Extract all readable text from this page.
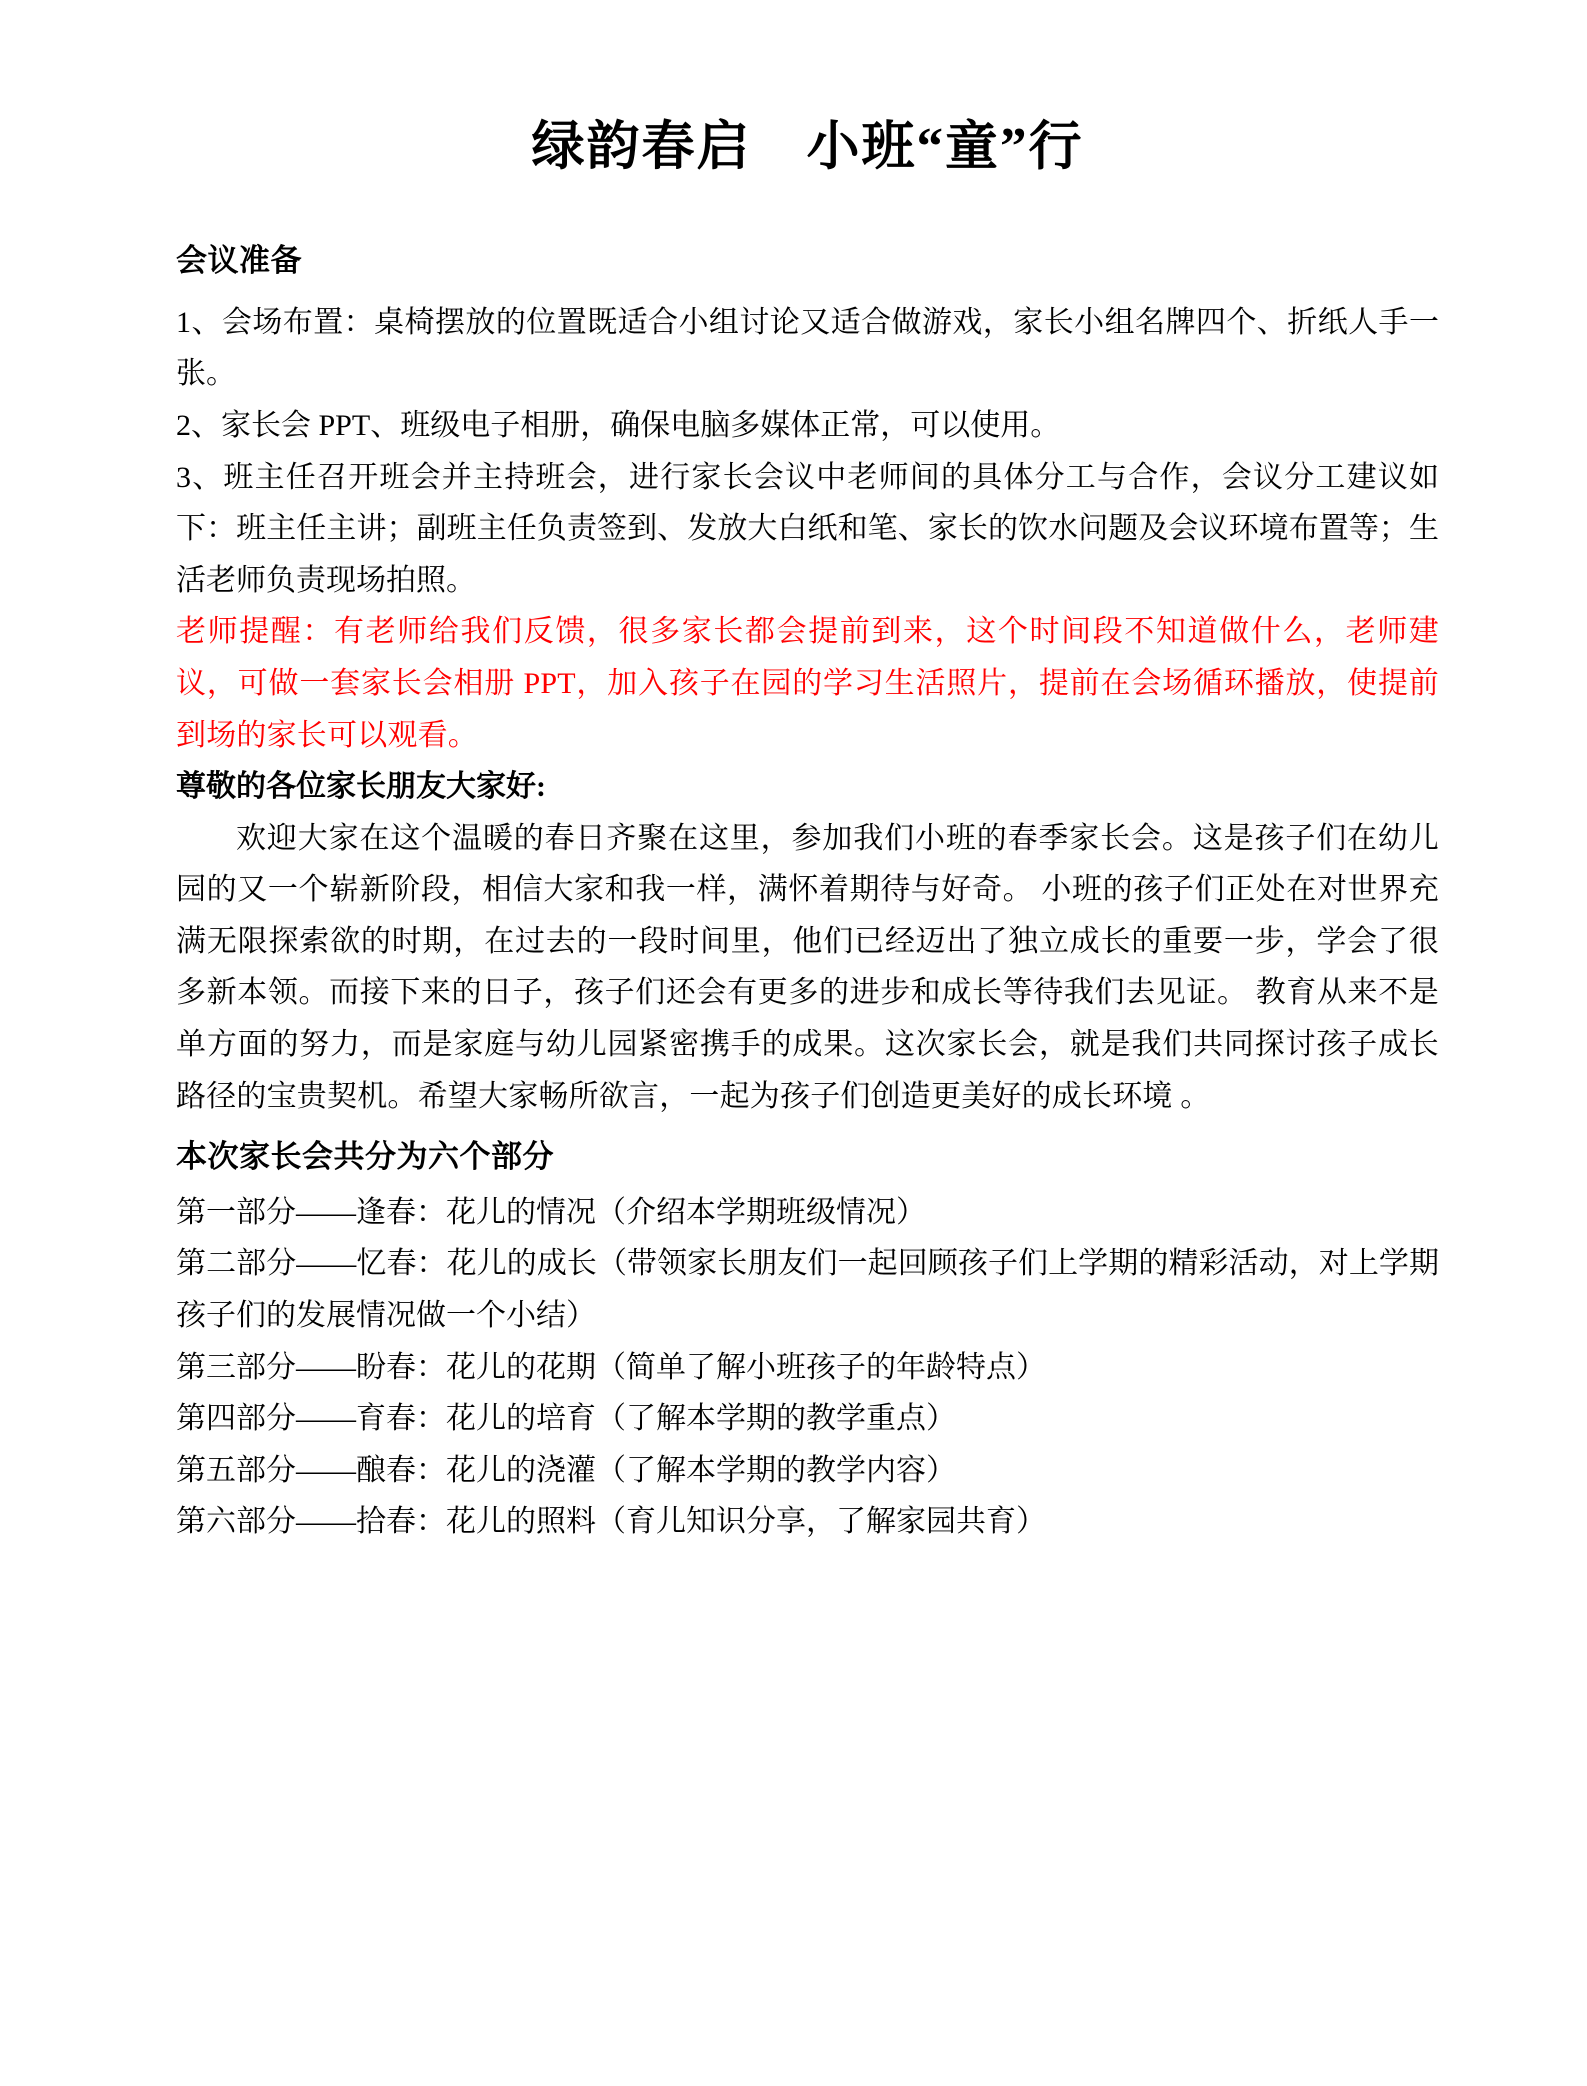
绿韵春启　小班“童”行
会议准备

1、会场布置：桌椅摆放的位置既适合小组讨论又适合做游戏，家长小组名牌四个、折纸人手一张。

2、家长会 PPT、班级电子相册，确保电脑多媒体正常，可以使用。

3、班主任召开班会并主持班会，进行家长会议中老师间的具体分工与合作，会议分工建议如下：班主任主讲；副班主任负责签到、发放大白纸和笔、家长的饮水问题及会议环境布置等；生活老师负责现场拍照。

老师提醒：有老师给我们反馈，很多家长都会提前到来，这个时间段不知道做什么，老师建议，可做一套家长会相册 PPT，加入孩子在园的学习生活照片，提前在会场循环播放，使提前到场的家长可以观看。

尊敬的各位家长朋友大家好:

欢迎大家在这个温暖的春日齐聚在这里，参加我们小班的春季家长会。这是孩子们在幼儿园的又一个崭新阶段，相信大家和我一样，满怀着期待与好奇。 小班的孩子们正处在对世界充满无限探索欲的时期，在过去的一段时间里，他们已经迈出了独立成长的重要一步，学会了很多新本领。而接下来的日子，孩子们还会有更多的进步和成长等待我们去见证。 教育从来不是单方面的努力，而是家庭与幼儿园紧密携手的成果。这次家长会，就是我们共同探讨孩子成长路径的宝贵契机。希望大家畅所欲言，一起为孩子们创造更美好的成长环境 。

本次家长会共分为六个部分

第一部分——逢春：花儿的情况（介绍本学期班级情况）

第二部分——忆春：花儿的成长（带领家长朋友们一起回顾孩子们上学期的精彩活动，对上学期孩子们的发展情况做一个小结）

第三部分——盼春：花儿的花期（简单了解小班孩子的年龄特点）

第四部分——育春：花儿的培育（了解本学期的教学重点）

第五部分——酿春：花儿的浇灌（了解本学期的教学内容）

第六部分——拾春：花儿的照料（育儿知识分享，了解家园共育）
